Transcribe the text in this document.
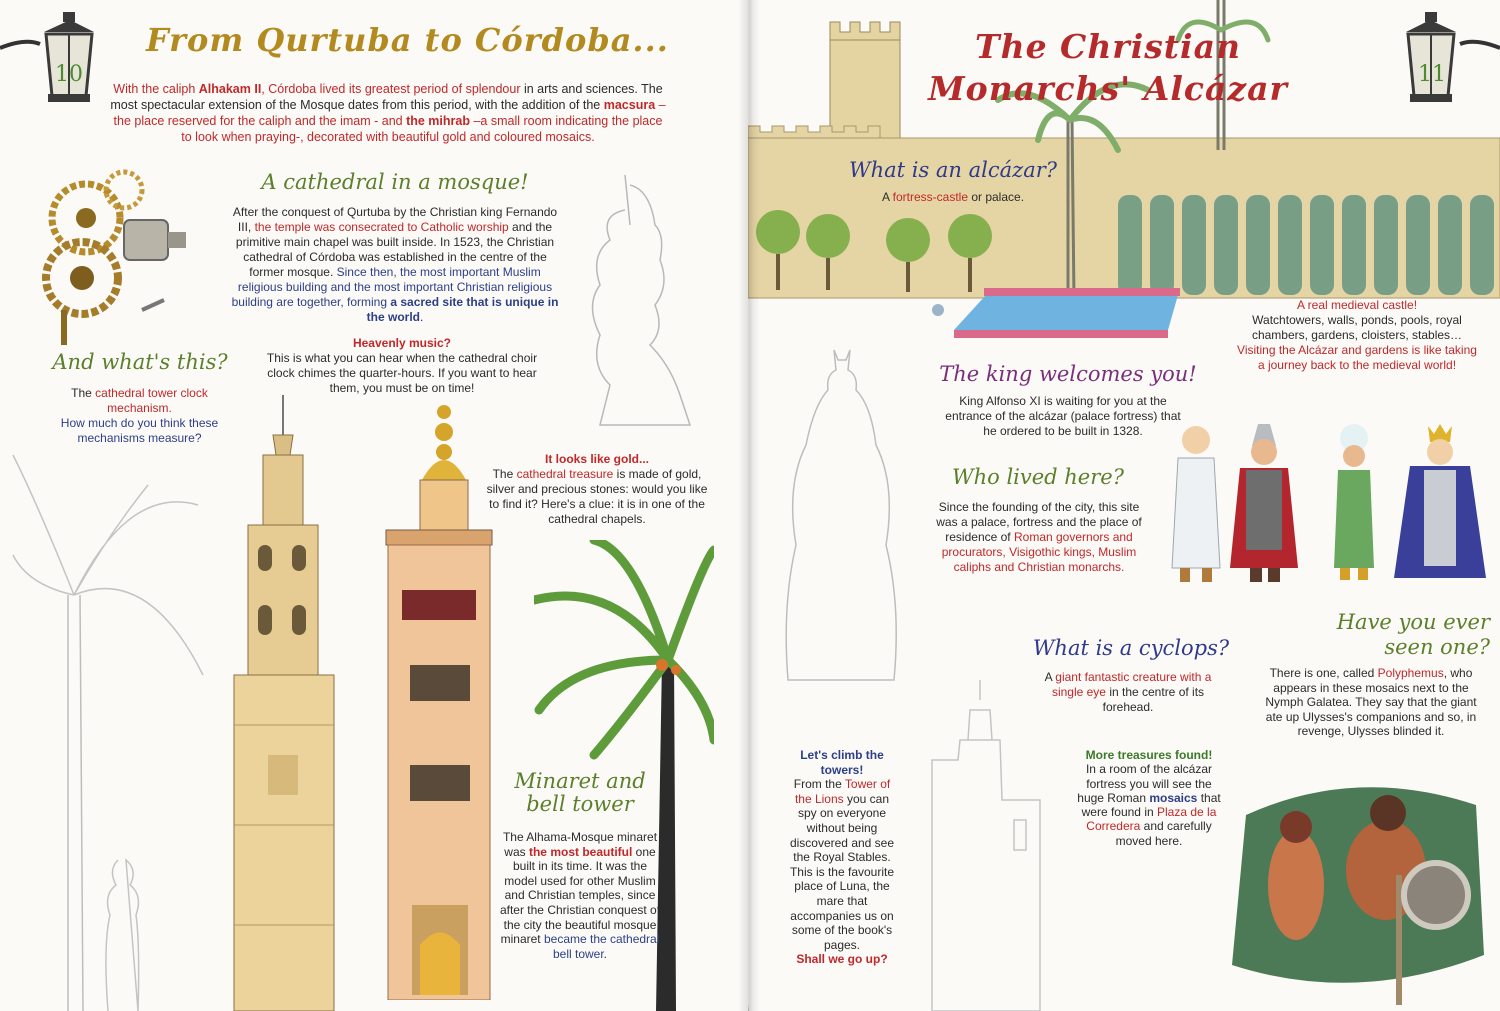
10
From Qurtuba to Córdoba...
With the caliph Alhakam II, Córdoba lived its greatest period of splendour in arts and sciences. The most spectacular extension of the Mosque dates from this period, with the addition of the macsura –the place reserved for the caliph and the imam - and the mihrab –a small room indicating the place to look when praying-, decorated with beautiful gold and coloured mosaics.
A cathedral in a mosque!
After the conquest of Qurtuba by the Christian king Fernando III, the temple was consecrated to Catholic worship and the primitive main chapel was built inside. In 1523, the Christian cathedral of Córdoba was established in the centre of the former mosque. Since then, the most important Muslim religious building and the most important Christian religious building are together, forming a sacred site that is unique in the world.
And what's this?
The cathedral tower clock mechanism.
How much do you think these mechanisms measure?
Heavenly music?
This is what you can hear when the cathedral choir clock chimes the quarter-hours. If you want to hear them, you must be on time!
It looks like gold...
The cathedral treasure is made of gold, silver and precious stones: would you like to find it? Here's a clue: it is in one of the cathedral chapels.
Minaret and
bell tower
The Alhama-Mosque minaret was the most beautiful one built in its time. It was the model used for other Muslim and Christian temples, since after the Christian conquest of the city the beautiful mosque minaret became the cathedral bell tower.
11
The Christian
Monarchs' Alcázar
What is an alcázar?
A fortress-castle or palace.
A real medieval castle!
Watchtowers, walls, ponds, pools, royal chambers, gardens, cloisters, stables…
Visiting the Alcázar and gardens is like taking a journey back to the medieval world!
The king welcomes you!
King Alfonso XI is waiting for you at the entrance of the alcázar (palace fortress) that he ordered to be built in 1328.
Who lived here?
Since the founding of the city, this site was a palace, fortress and the place of residence of Roman governors and procurators, Visigothic kings, Muslim caliphs and Christian monarchs.
Have you ever
seen one?
There is one, called Polyphemus, who appears in these mosaics next to the Nymph Galatea. They say that the giant ate up Ulysses's companions and so, in revenge, Ulysses blinded it.
What is a cyclops?
A giant fantastic creature with a single eye in the centre of its forehead.
Let's climb the towers!
From the Tower of the Lions you can spy on everyone without being discovered and see the Royal Stables. This is the favourite place of Luna, the mare that accompanies us on some of the book's pages.
Shall we go up?
More treasures found!
In a room of the alcázar fortress you will see the huge Roman mosaics that were found in Plaza de la Corredera and carefully moved here.
